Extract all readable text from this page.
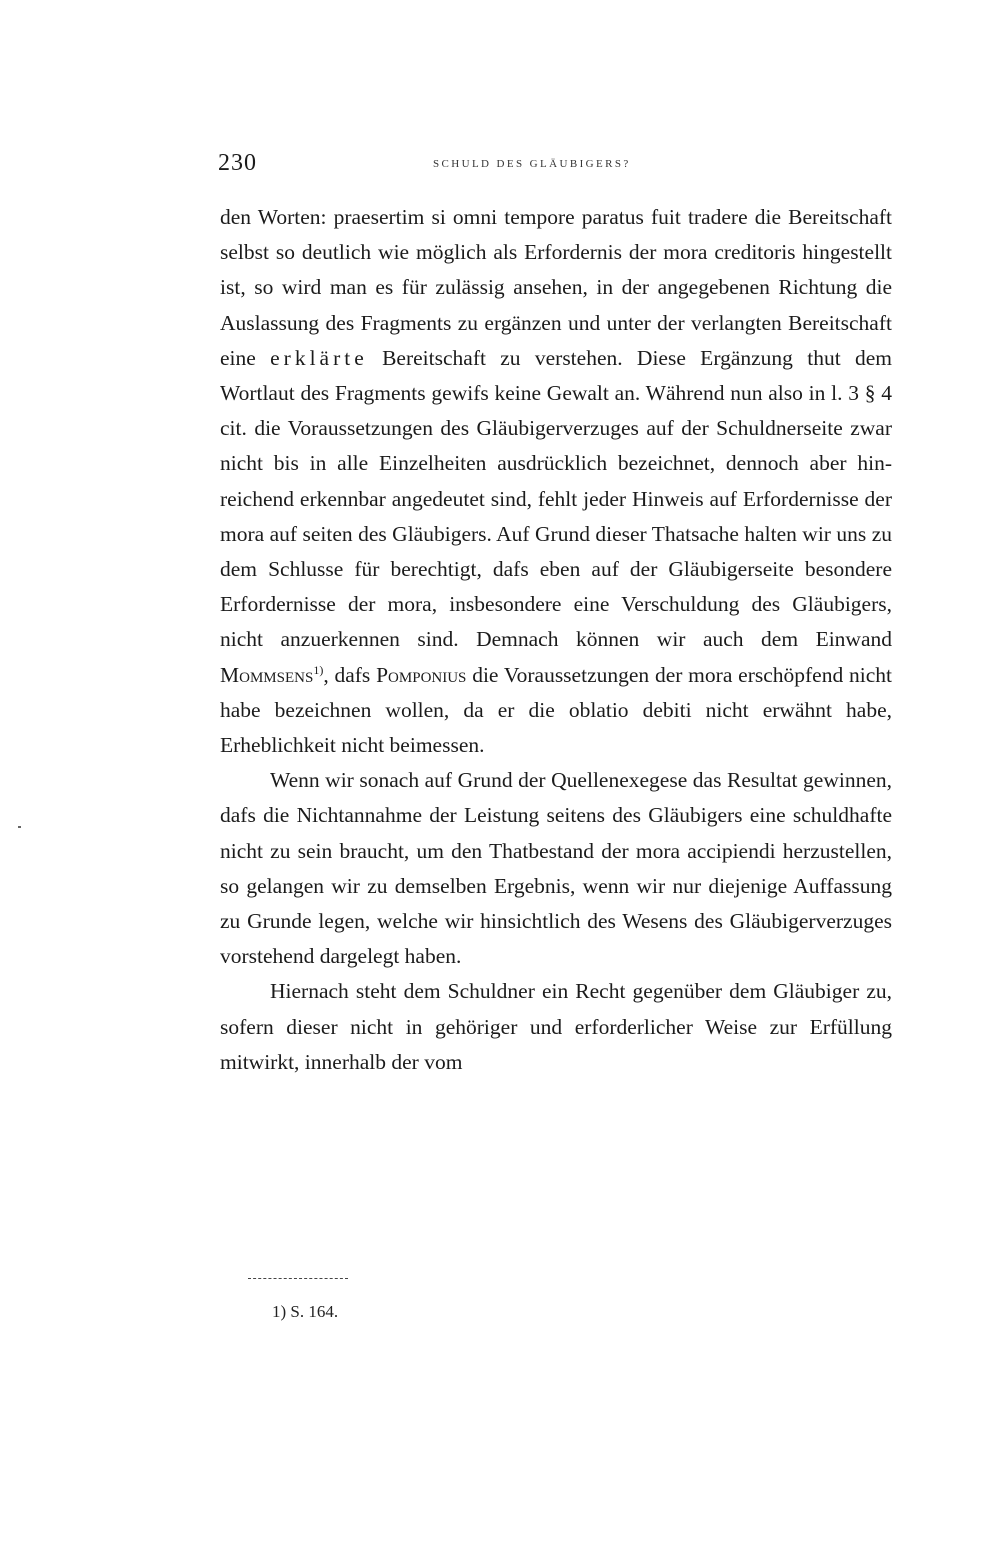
230	SCHULD DES GLÄUBIGERS?

den Worten: praesertim si omni tempore paratus fuit tradere die Bereitschaft selbst so deutlich wie möglich als Erfordernis der mora creditoris hingestellt ist, so wird man es für zulässig ansehen, in der angegebenen Richtung die Auslassung des Fragments zu ergänzen und unter der verlangten Bereitschaft eine erklärte Bereitschaft zu verstehen. Diese Ergänzung thut dem Wortlaut des Fragments gewifs keine Gewalt an. Während nun also in l. 3 § 4 cit. die Voraussetzungen des Gläubigerverzuges auf der Schuldnerseite zwar nicht bis in alle Einzelheiten ausdrücklich bezeichnet, dennoch aber hinreichend erkennbar angedeutet sind, fehlt jeder Hinweis auf Erfordernisse der mora auf seiten des Gläubigers. Auf Grund dieser Thatsache halten wir uns zu dem Schlusse für berechtigt, dafs eben auf der Gläubigerseite besondere Erfordernisse der mora, insbesondere eine Verschuldung des Gläubigers, nicht anzuerkennen sind. Demnach können wir auch dem Einwand Mommsens$^{1)}$, dafs Pomponius die Voraussetzungen der mora erschöpfend nicht habe bezeichnen wollen, da er die oblatio debiti nicht erwähnt habe, Erheblichkeit nicht beimessen.

Wenn wir sonach auf Grund der Quellenexegese das Resultat gewinnen, dafs die Nichtannahme der Leistung seitens des Gläubigers eine schuldhafte nicht zu sein braucht, um den Thatbestand der mora accipiendi herzustellen, so gelangen wir zu demselben Ergebnis, wenn wir nur diejenige Auffassung zu Grunde legen, welche wir hinsichtlich des Wesens des Gläubigerverzuges vorstehend dargelegt haben.

Hiernach steht dem Schuldner ein Recht gegenüber dem Gläubiger zu, sofern dieser nicht in gehöriger und erforderlicher Weise zur Erfüllung mitwirkt, innerhalb der vom

1) S. 164.
